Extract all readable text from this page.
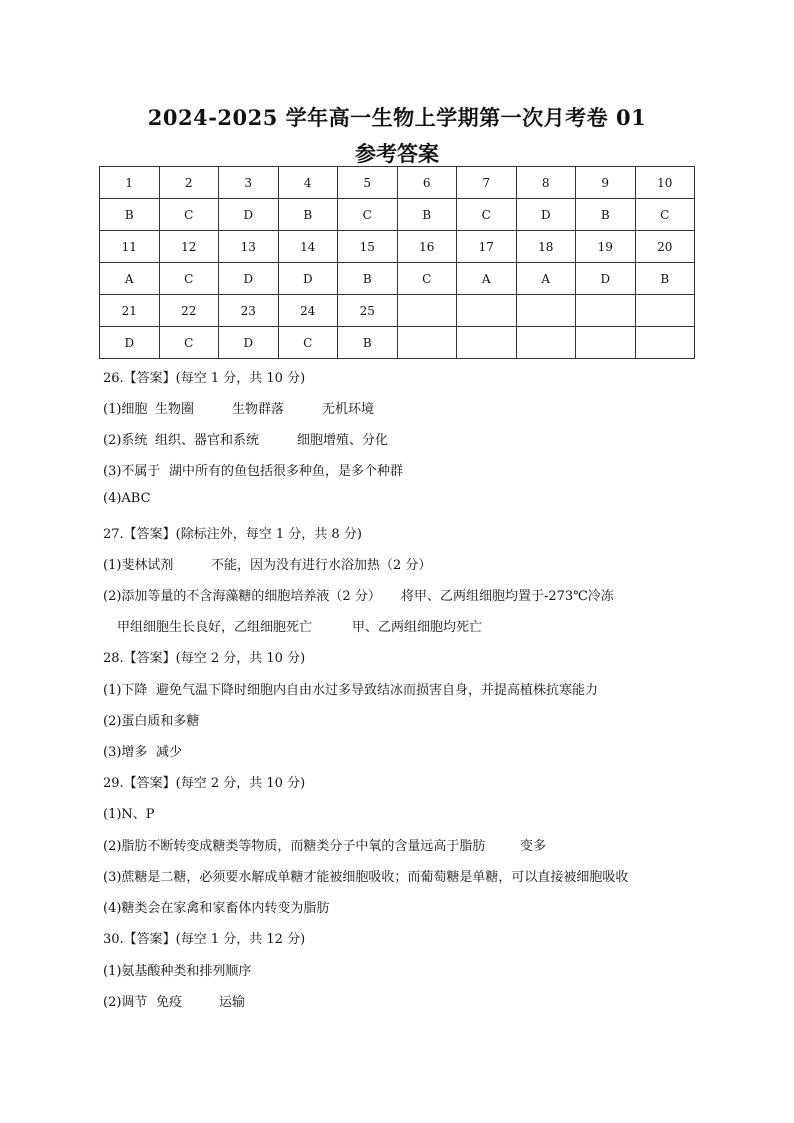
2024-2025 学年高一生物上学期第一次月考卷 01
参考答案
1	2	3	4	5	6	7	8	9	10
B	C	D	B	C	B	C	D	B	C
11	12	13	14	15	16	17	18	19	20
A	C	D	D	B	C	A	A	D	B
21	22	23	24	25					
D	C	D	C	B					
26.【答案】(每空 1 分，共 10 分)
(1)细胞 生物圈	生物群落	无机环境
(2)系统 组织、器官和系统	细胞增殖、分化
(3)不属于 湖中所有的鱼包括很多种鱼，是多个种群
(4)ABC
27.【答案】(除标注外，每空 1 分，共 8 分)
(1)斐林试剂	不能，因为没有进行水浴加热（2 分）
(2)添加等量的不含海藻糖的细胞培养液（2 分） 将甲、乙两组细胞均置于-273℃冷冻
甲组细胞生长良好，乙组细胞死亡	甲、乙两组细胞均死亡
28.【答案】(每空 2 分，共 10 分)
(1)下降 避免气温下降时细胞内自由水过多导致结冰而损害自身，并提高植株抗寒能力
(2)蛋白质和多糖
(3)增多 减少
29.【答案】(每空 2 分，共 10 分)
(1)N、P
(2)脂肪不断转变成糖类等物质，而糖类分子中氧的含量远高于脂肪	变多
(3)蔗糖是二糖，必须要水解成单糖才能被细胞吸收；而葡萄糖是单糖，可以直接被细胞吸收
(4)糖类会在家禽和家畜体内转变为脂肪
30.【答案】(每空 1 分，共 12 分)
(1)氨基酸种类和排列顺序
(2)调节 免疫	运输
